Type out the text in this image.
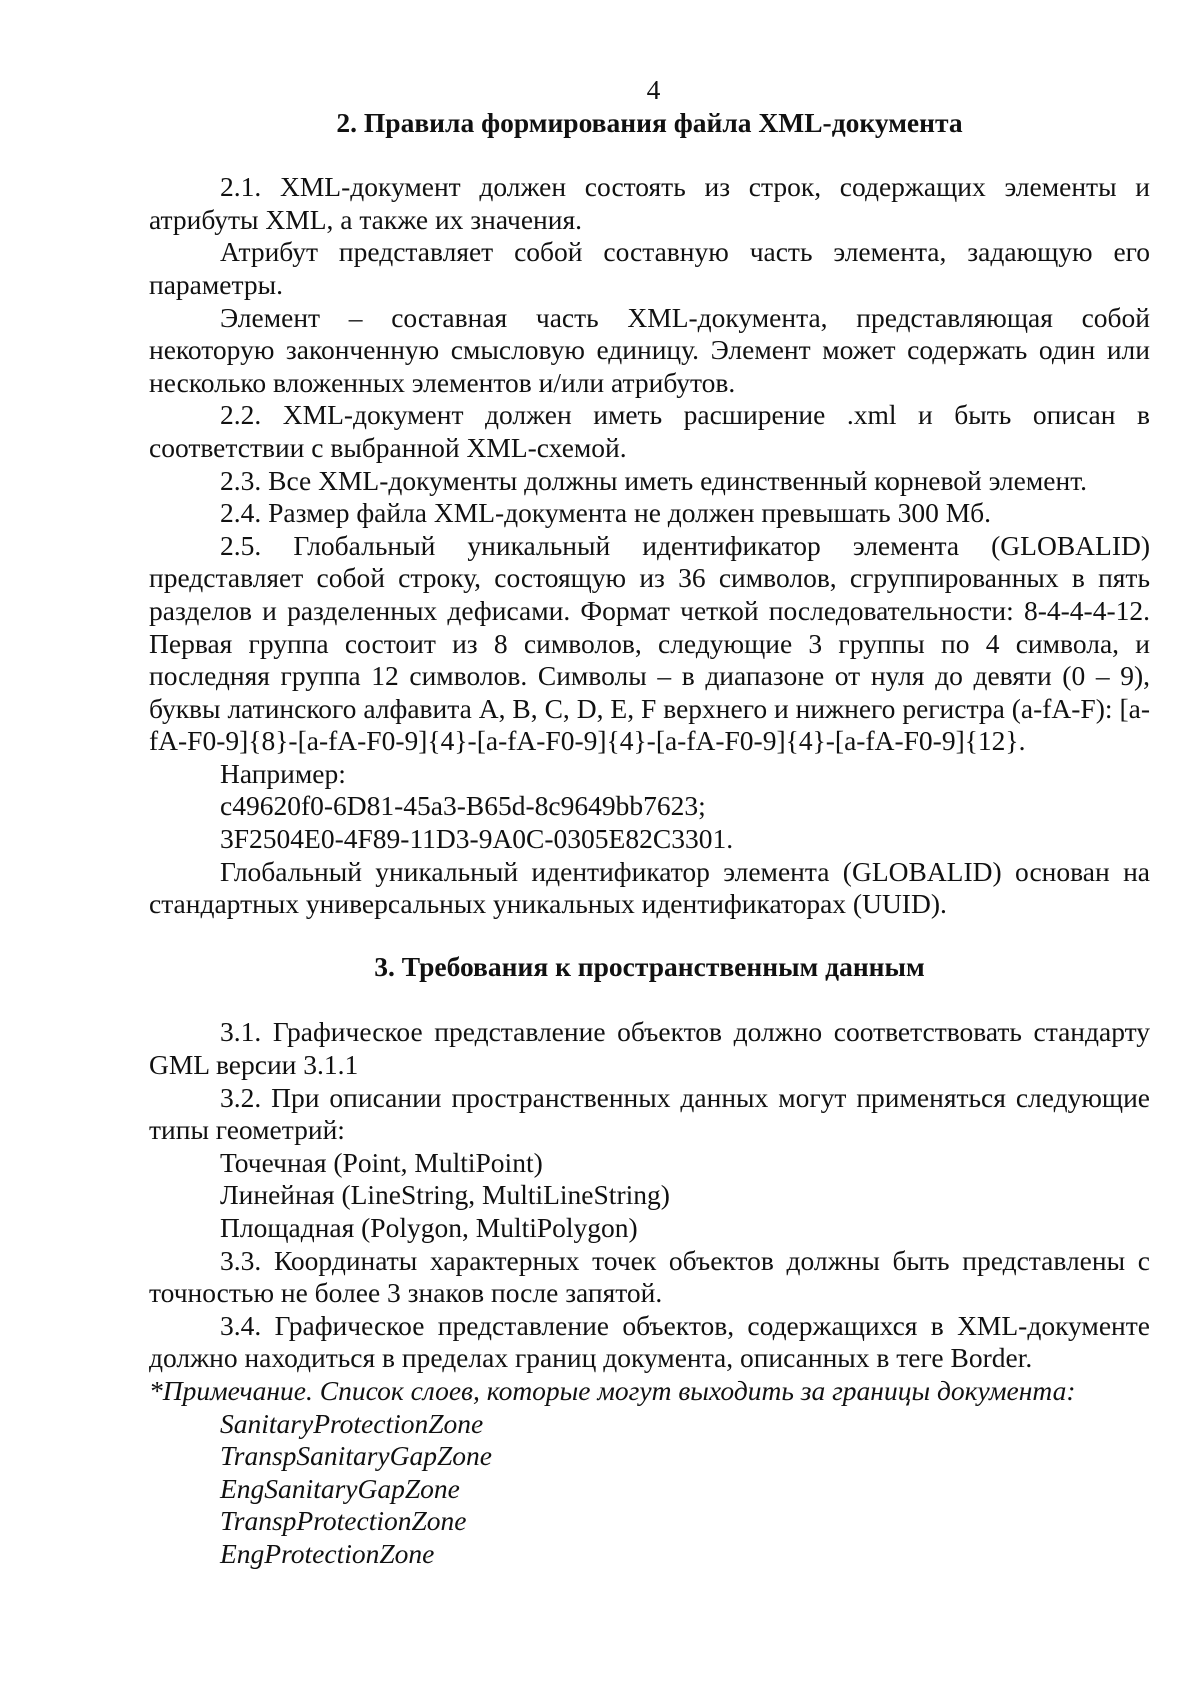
4

2. Правила формирования файла XML-документа

2.1. XML-документ должен состоять из строк, содержащих элементы и атрибуты XML, а также их значения.

Атрибут представляет собой составную часть элемента, задающую его параметры.

Элемент – составная часть XML-документа, представляющая собой некоторую законченную смысловую единицу. Элемент может содержать один или несколько вложенных элементов и/или атрибутов.

2.2. XML-документ должен иметь расширение .xml и быть описан в соответствии с выбранной XML-схемой.

2.3. Все XML-документы должны иметь единственный корневой элемент.

2.4. Размер файла XML-документа не должен превышать 300 Мб.

2.5. Глобальный уникальный идентификатор элемента (GLOBALID) представляет собой строку, состоящую из 36 символов, сгруппированных в пять разделов и разделенных дефисами. Формат четкой последовательности: 8-4-4-4-12. Первая группа состоит из 8 символов, следующие 3 группы по 4 символа, и последняя группа 12 символов. Символы – в диапазоне от нуля до девяти (0 – 9), буквы латинского алфавита A, B, C, D, E, F верхнего и нижнего регистра (a-fA-F): [a-fA-F0-9]{8}-[a-fA-F0-9]{4}-[a-fA-F0-9]{4}-[a-fA-F0-9]{4}-[a-fA-F0-9]{12}.

Например:

c49620f0-6D81-45a3-B65d-8c9649bb7623;

3F2504E0-4F89-11D3-9A0C-0305E82C3301.

Глобальный уникальный идентификатор элемента (GLOBALID) основан на стандартных универсальных уникальных идентификаторах (UUID).

3. Требования к пространственным данным

3.1. Графическое представление объектов должно соответствовать стандарту GML версии 3.1.1

3.2. При описании пространственных данных могут применяться следующие типы геометрий:

Точечная (Point, MultiPoint)

Линейная (LineString, MultiLineString)

Площадная (Polygon, MultiPolygon)

3.3. Координаты характерных точек объектов должны быть представлены с точностью не более 3 знаков после запятой.

3.4. Графическое представление объектов, содержащихся в XML-документе должно находиться в пределах границ документа, описанных в теге Border.

*Примечание. Список слоев, которые могут выходить за границы документа:

SanitaryProtectionZone

TranspSanitaryGapZone

EngSanitaryGapZone

TranspProtectionZone

EngProtectionZone
